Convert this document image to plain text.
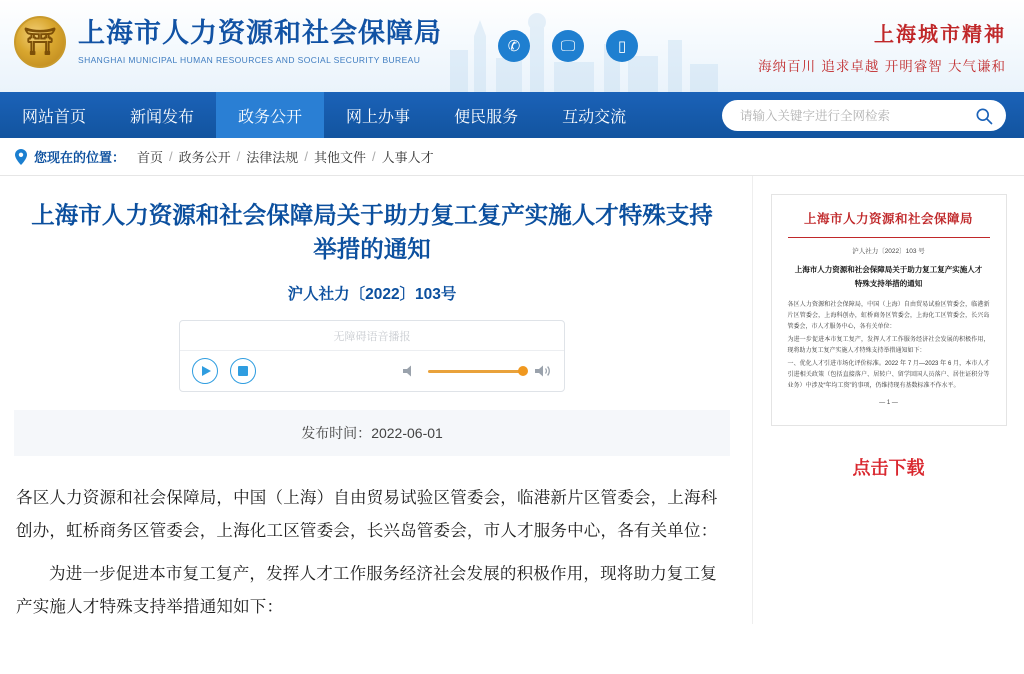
⛩ 上海市人力资源和社会保障局
SHANGHAI MUNICIPAL HUMAN RESOURCES AND SOCIAL SECURITY BUREAU
✆	🖵	▯	上海城市精神
海纳百川 追求卓越 开明睿智 大气谦和
网站首页	新闻发布	政务公开	网上办事	便民服务	互动交流
请输入关键字进行全网检索
您现在的位置： 首页 / 政务公开 / 法律法规 / 其他文件 / 人事人才
上海市人力资源和社会保障局关于助力复工复产实施人才特殊支持举措的通知
沪人社力〔2022〕103号
无障碍语音播报
发布时间： 2022-06-01

各区人力资源和社会保障局，中国（上海）自由贸易试验区管委会，临港新片区管委会，上海科创办，虹桥商务区管委会，上海化工区管委会，长兴岛管委会，市人才服务中心，各有关单位：

为进一步促进本市复工复产，发挥人才工作服务经济社会发展的积极作用，现将助力复工复产实施人才特殊支持举措通知如下：

上海市人力资源和社会保障局
沪人社力〔2022〕103 号
上海市人力资源和社会保障局关于助力复工复产实施人才特殊支持举措的通知

各区人力资源和社会保障局，中国（上海）自由贸易试验区管委会，临港新片区管委会，上海科创办，虹桥商务区管委会，上海化工区管委会，长兴岛管委会，市人才服务中心，各有关单位：

为进一步促进本市复工复产，发挥人才工作服务经济社会发展的积极作用，现将助力复工复产实施人才特殊支持举措通知如下：

一、优化人才引进市场化评价标准。2022 年 7 月—2023 年 6 月，本市人才引进相关政策（包括直接落户、居转户、留学回国人员落户、居住证积分等业务）中涉及“年均工资”的事项，仍维持现有基数标准不作水平。

— 1 —
点击下载
